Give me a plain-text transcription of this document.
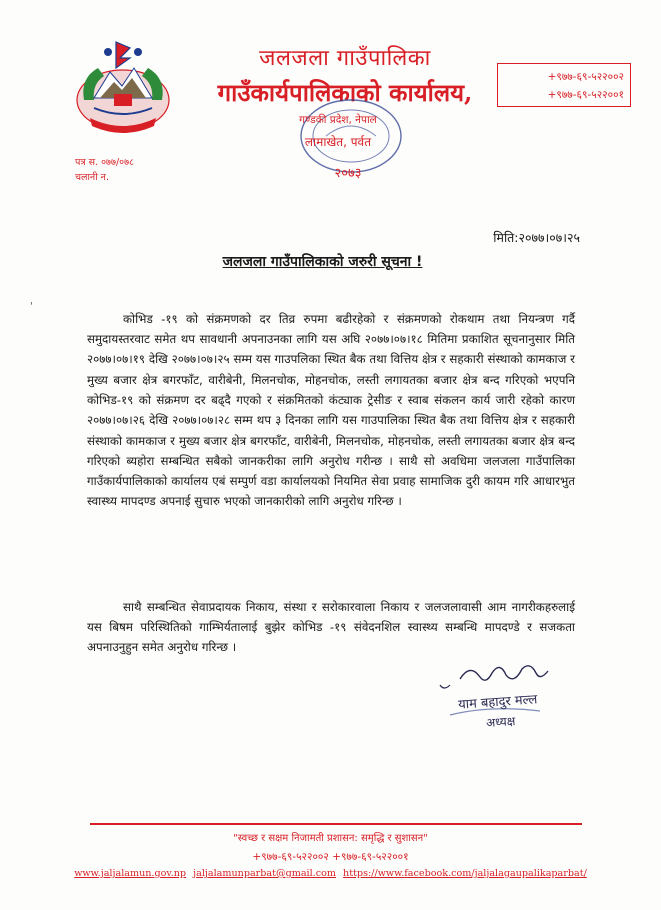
जलजला गाउँपालिका
गाउँकार्यपालिकाको कार्यालय,
गण्डकी प्रदेश, नेपाल
लामाखेत, पर्वत
२०७३
+९७७-६९-५२२००२
+९७७-६९-५२२००१
पत्र स. ०७७/०७८
चलानी न.
मिति:२०७७।०७।२५
जलजला गाउँपालिकाको जरुरी सूचना !
ꞌ

कोभिड -१९ को संक्रमणको दर तिव्र रुपमा बढीरहेको र संक्रमणको रोकथाम तथा नियन्त्रण गर्दै समुदायस्तरवाट समेत थप सावधानी अपनाउनका लागि यस अघि २०७७।०७।१८ मितिमा प्रकाशित सूचनानुसार मिति २०७७।०७।१९ देखि २०७७।०७।२५ सम्म यस गाउपलिका स्थित बैक तथा वित्तिय क्षेत्र र सहकारी संस्थाको कामकाज र मुख्य बजार क्षेत्र बगरफाँट, वारीबेनी, मिलनचोक, मोहनचोक, लस्ती लगायतका बजार क्षेत्र बन्द गरिएको भएपनि कोभिड-१९ को संक्रमण दर बढ्दै गएको र संक्रमितको कंट्याक ट्रेसीङ र स्वाब संकलन कार्य जारी रहेको कारण २०७७।०७।२६ देखि २०७७।०७।२८ सम्म थप ३ दिनका लागि यस गाउपालिका स्थित बैक तथा वित्तिय क्षेत्र र सहकारी संस्थाको कामकाज र मुख्य बजार क्षेत्र बगरफाँट, वारीबेनी, मिलनचोक, मोहनचोक, लस्ती लगायतका बजार क्षेत्र बन्द गरिएको ब्यहोरा सम्बन्धित सबैको जानकरीका लागि अनुरोध गरीन्छ । साथै सो अवधिमा जलजला गाउँपालिका गाउँकार्यपालिकाको कार्यालय एबं सम्पुर्ण वडा कार्यालयको नियमित सेवा प्रवाह सामाजिक दुरी कायम गरि आधारभुत स्वास्थ्य मापदण्ड अपनाई सुचारु भएको जानकारीको लागि अनुरोध गरिन्छ ।

साथै सम्बन्धित सेवाप्रदायक निकाय, संस्था र सरोकारवाला निकाय र जलजलावासी आम नागरीकहरुलाई यस बिषम परिस्थितिको गाम्भिर्यतालाई बुझेर कोभिड -१९ संवेदनशिल स्वास्थ्य सम्बन्धि मापदण्डे र सजकता अपनाउनुहुन समेत अनुरोध गरिन्छ ।

याम बहादुर मल्ल
अध्यक्ष
"स्वच्छ र सक्षम निजामती प्रशासन: समृद्धि र सुशासन"
+९७७-६९-५२२००२ +९७७-६९-५२२००१
www.jaljalamun.gov.np jaljalamunparbat@gmail.com https://www.facebook.com/jaljalagaupalikaparbat/
